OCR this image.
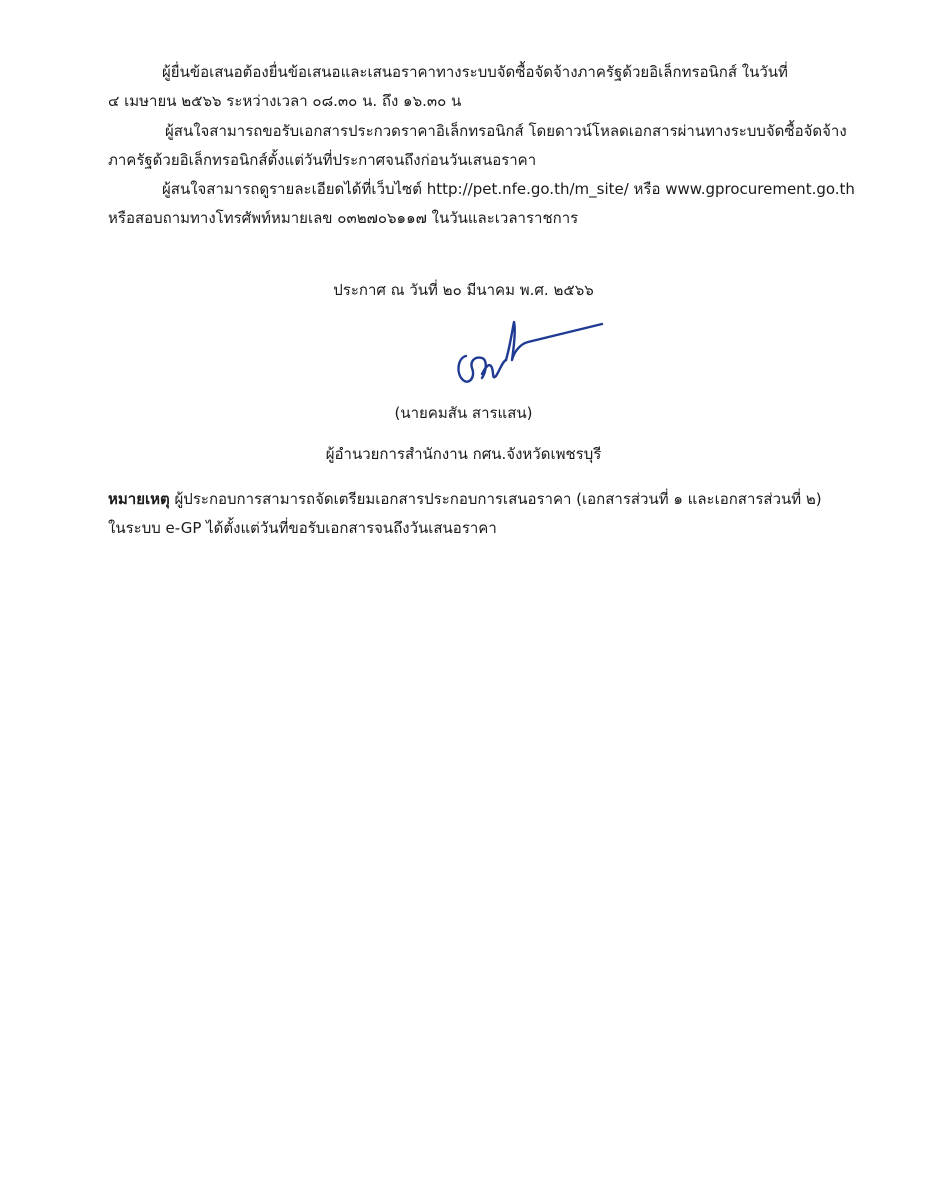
ผู้ยื่นข้อเสนอต้องยื่นข้อเสนอและเสนอราคาทางระบบจัดซื้อจัดจ้างภาครัฐด้วยอิเล็กทรอนิกส์ ในวันที่
๔ เมษายน ๒๕๖๖ ระหว่างเวลา ๐๘.๓๐ น. ถึง ๑๖.๓๐ น

ผู้สนใจสามารถขอรับเอกสารประกวดราคาอิเล็กทรอนิกส์ โดยดาวน์โหลดเอกสารผ่านทางระบบจัดซื้อจัดจ้าง
ภาครัฐด้วยอิเล็กทรอนิกส์ตั้งแต่วันที่ประกาศจนถึงก่อนวันเสนอราคา

ผู้สนใจสามารถดูรายละเอียดได้ที่เว็บไซต์ http://pet.nfe.go.th/m_site/ หรือ www.gprocurement.go.th
หรือสอบถามทางโทรศัพท์หมายเลข ๐๓๒๗๐๖๑๑๗ ในวันและเวลาราชการ

ประกาศ ณ วันที่ ๒๐ มีนาคม พ.ศ. ๒๕๖๖
(นายคมสัน สารแสน)
ผู้อำนวยการสำนักงาน กศน.จังหวัดเพชรบุรี

หมายเหตุ ผู้ประกอบการสามารถจัดเตรียมเอกสารประกอบการเสนอราคา (เอกสารส่วนที่ ๑ และเอกสารส่วนที่ ๒)
ในระบบ e-GP ได้ตั้งแต่วันที่ขอรับเอกสารจนถึงวันเสนอราคา
